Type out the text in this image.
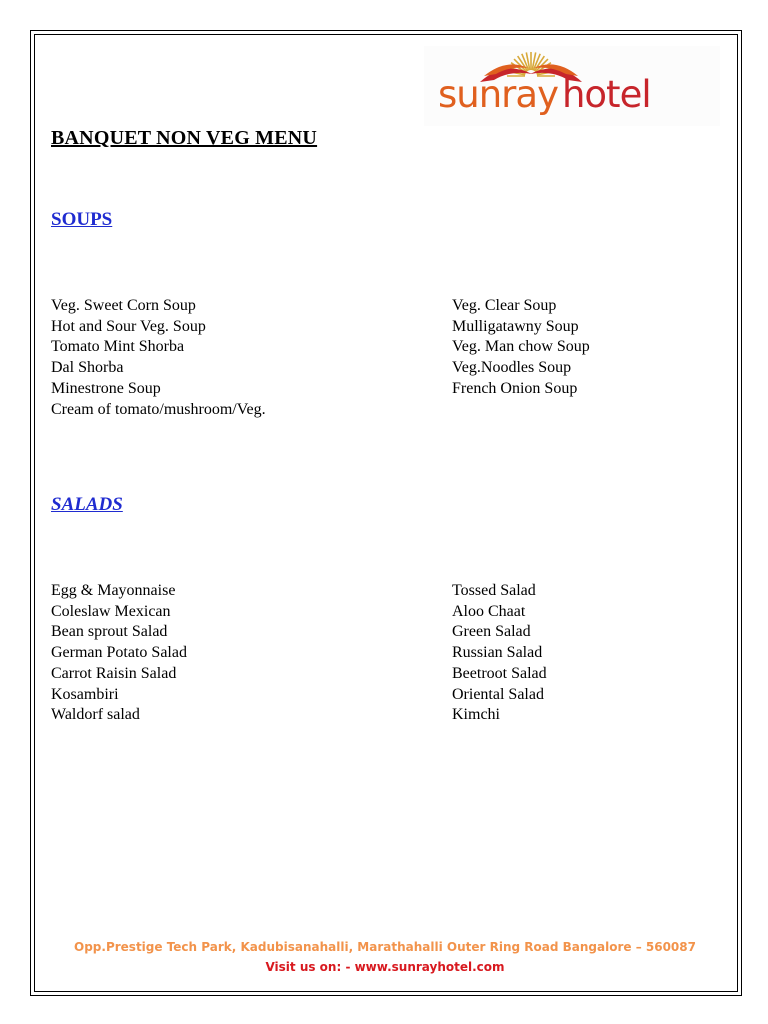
sunray hotel
BANQUET NON VEG MENU
SOUPS
Veg. Sweet Corn Soup
Hot and Sour Veg. Soup
Tomato Mint Shorba
Dal Shorba
Minestrone Soup
Cream of tomato/mushroom/Veg.
Veg. Clear Soup
Mulligatawny Soup
Veg. Man chow Soup
Veg.Noodles Soup
French Onion Soup
SALADS
Egg & Mayonnaise
Coleslaw Mexican
Bean sprout Salad
German Potato Salad
Carrot Raisin Salad
Kosambiri
Waldorf salad
Tossed Salad
Aloo Chaat
Green Salad
Russian Salad
Beetroot Salad
Oriental Salad
Kimchi
Opp.Prestige Tech Park, Kadubisanahalli, Marathahalli Outer Ring Road Bangalore – 560087
Visit us on: - www.sunrayhotel.com
